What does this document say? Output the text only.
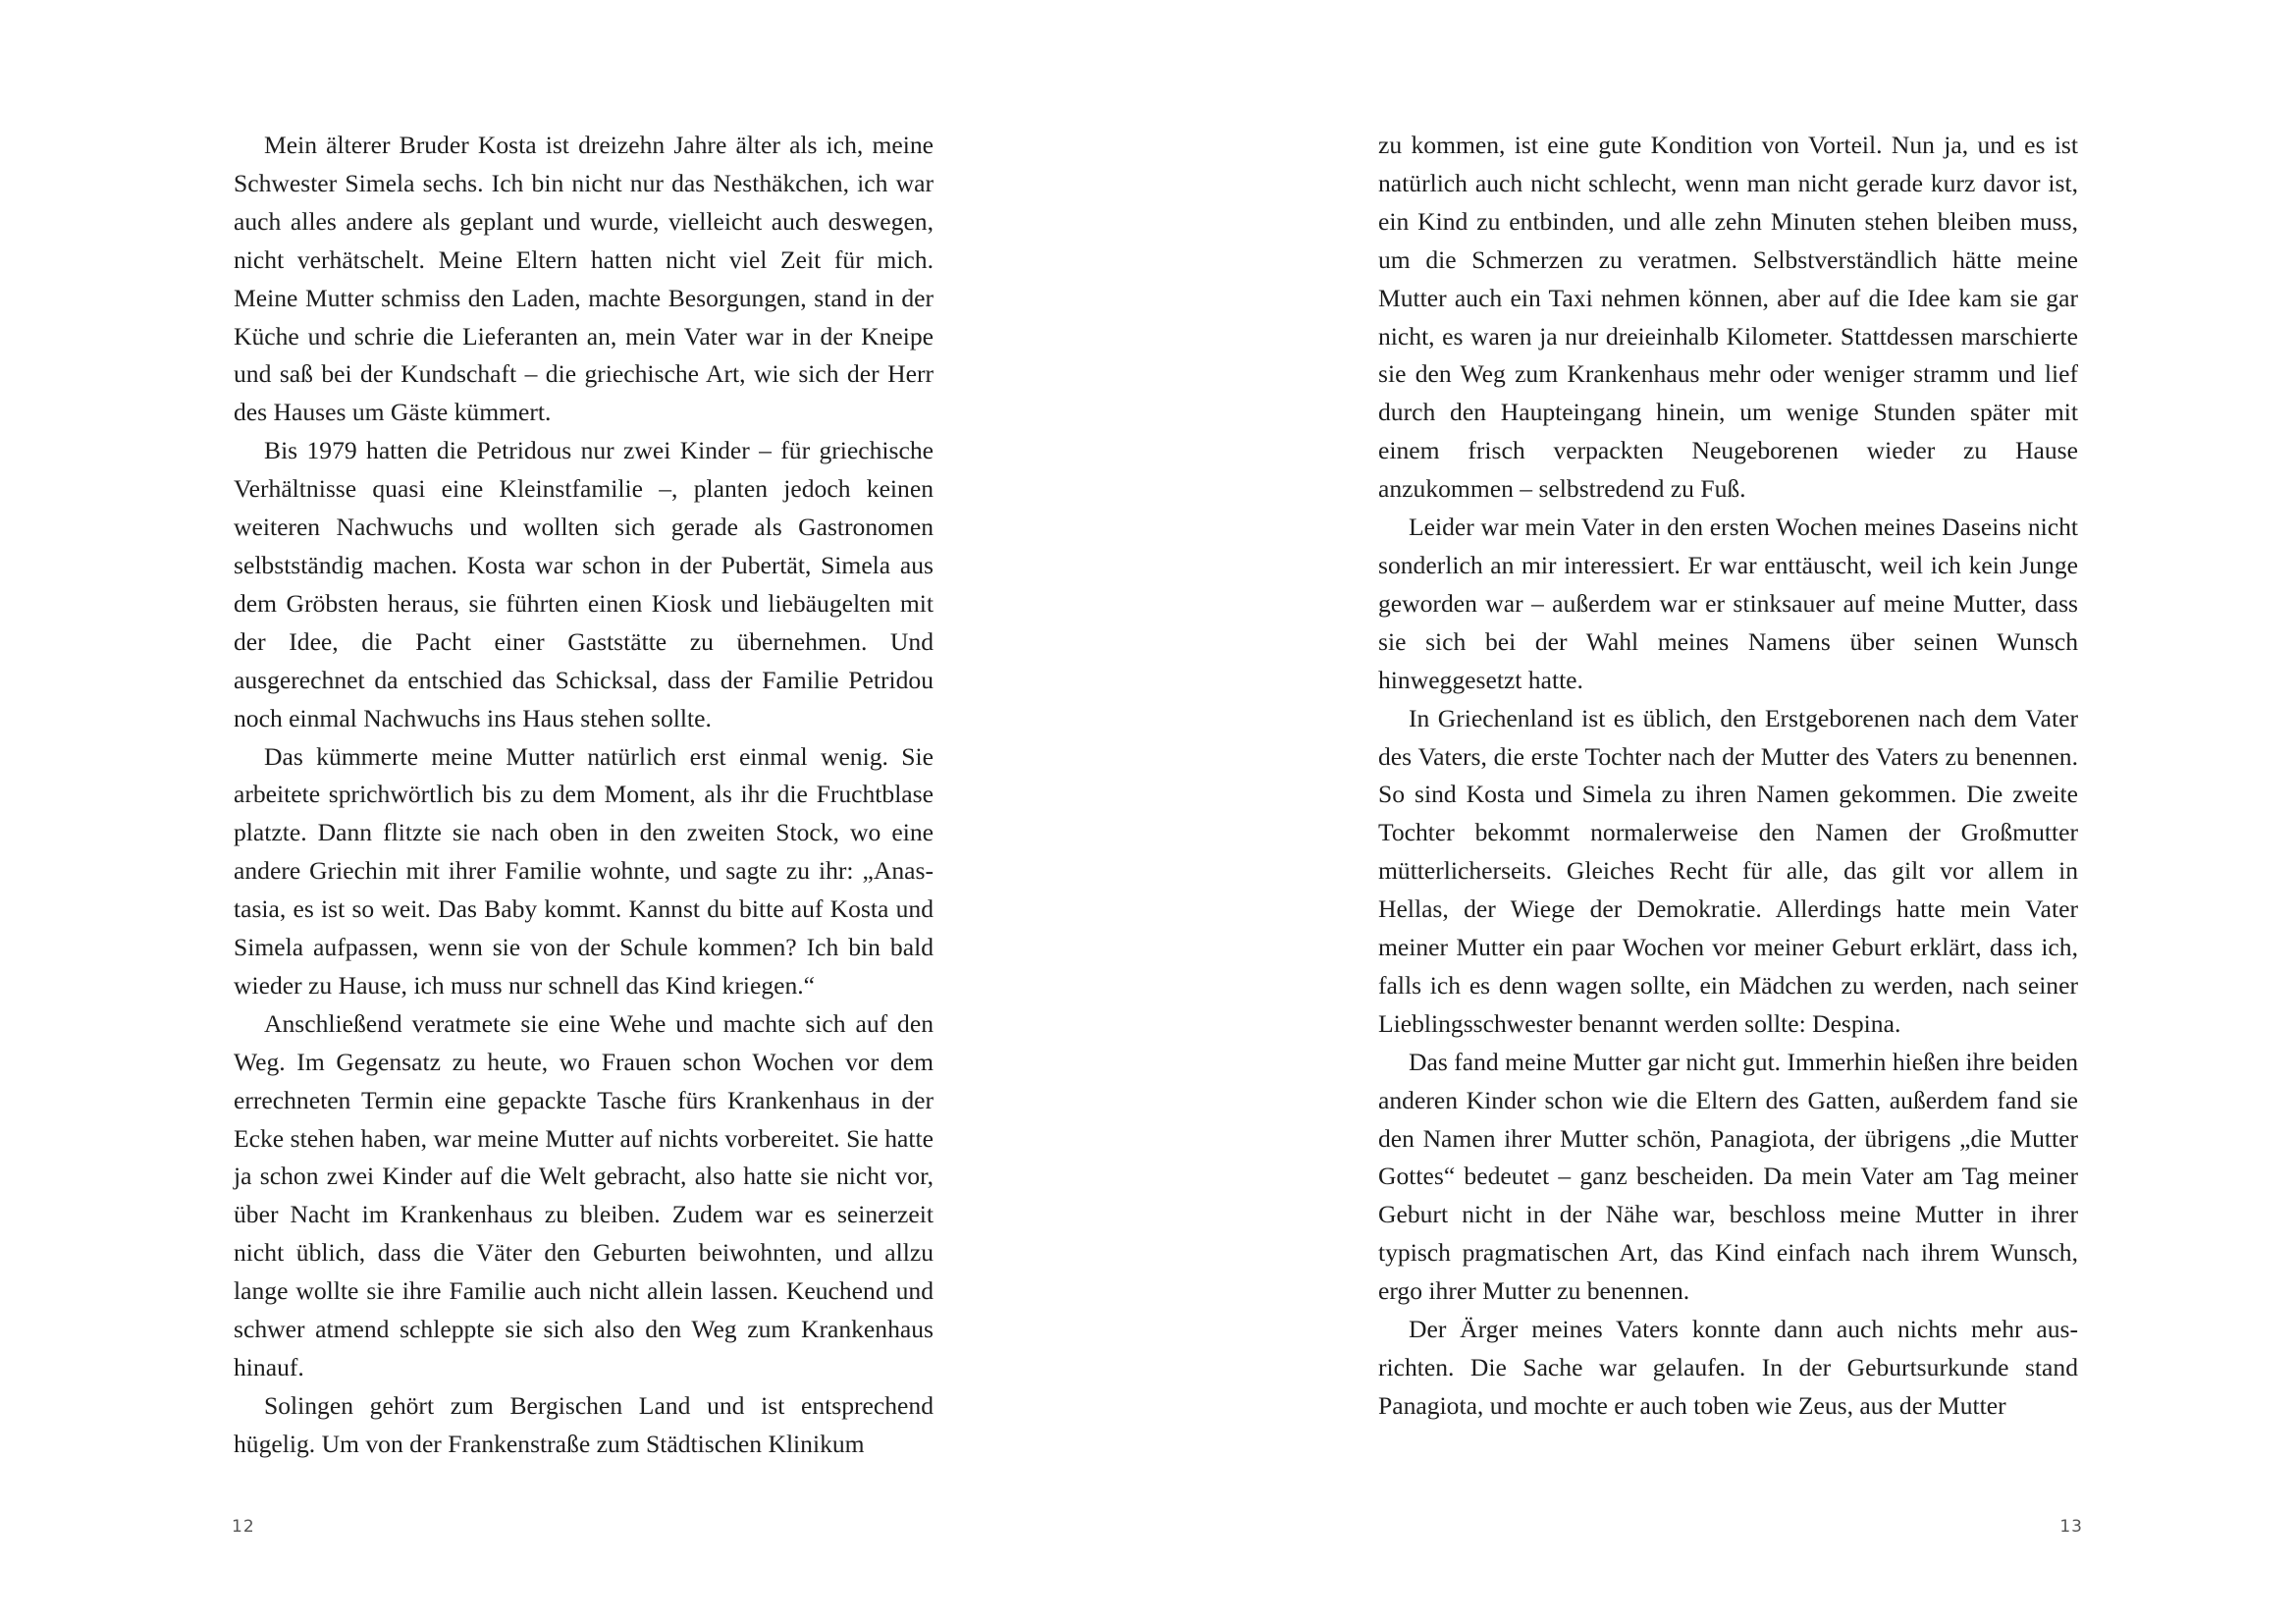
Mein älterer Bruder Kosta ist dreizehn Jahre älter als ich, meine Schwester Simela sechs. Ich bin nicht nur das Nesthäkchen, ich war auch alles andere als geplant und wurde, vielleicht auch deswegen, nicht verhätschelt. Meine Eltern hatten nicht viel Zeit für mich. Meine Mutter schmiss den Laden, machte Besorgungen, stand in der Küche und schrie die Lieferanten an, mein Vater war in der Kneipe und saß bei der Kundschaft – die griechische Art, wie sich der Herr des Hauses um Gäste kümmert.

Bis 1979 hatten die Petridous nur zwei Kinder – für griechische Verhältnisse quasi eine Kleinstfamilie –, planten jedoch keinen weiteren Nachwuchs und wollten sich gerade als Gastronomen selbstständig machen. Kosta war schon in der Pubertät, Simela aus dem Gröbsten heraus, sie führten einen Kiosk und liebäugelten mit der Idee, die Pacht einer Gaststätte zu übernehmen. Und ausgerechnet da entschied das Schicksal, dass der Familie Petridou noch einmal Nachwuchs ins Haus stehen sollte.

Das kümmerte meine Mutter natürlich erst einmal wenig. Sie arbeitete sprichwörtlich bis zu dem Moment, als ihr die Fruchtblase platzte. Dann flitzte sie nach oben in den zweiten Stock, wo eine andere Griechin mit ihrer Familie wohnte, und sagte zu ihr: „Anastasia, es ist so weit. Das Baby kommt. Kannst du bitte auf Kosta und Simela aufpassen, wenn sie von der Schule kommen? Ich bin bald wieder zu Hause, ich muss nur schnell das Kind kriegen.“

Anschließend veratmete sie eine Wehe und machte sich auf den Weg. Im Gegensatz zu heute, wo Frauen schon Wochen vor dem errechneten Termin eine gepackte Tasche fürs Krankenhaus in der Ecke stehen haben, war meine Mutter auf nichts vorbereitet. Sie hatte ja schon zwei Kinder auf die Welt gebracht, also hatte sie nicht vor, über Nacht im Krankenhaus zu bleiben. Zudem war es seinerzeit nicht üblich, dass die Väter den Geburten beiwohnten, und allzu lange wollte sie ihre Familie auch nicht allein lassen. Keuchend und schwer atmend schleppte sie sich also den Weg zum Krankenhaus hinauf.

Solingen gehört zum Bergischen Land und ist entsprechend hügelig. Um von der Frankenstraße zum Städtischen Klinikum

12

zu kommen, ist eine gute Kondition von Vorteil. Nun ja, und es ist natürlich auch nicht schlecht, wenn man nicht gerade kurz davor ist, ein Kind zu entbinden, und alle zehn Minuten stehen bleiben muss, um die Schmerzen zu veratmen. Selbstverständlich hätte meine Mutter auch ein Taxi nehmen können, aber auf die Idee kam sie gar nicht, es waren ja nur dreieinhalb Kilometer. Stattdessen marschierte sie den Weg zum Krankenhaus mehr oder weniger stramm und lief durch den Haupteingang hinein, um wenige Stunden später mit einem frisch verpackten Neugeborenen wieder zu Hause anzukommen – selbstredend zu Fuß.

Leider war mein Vater in den ersten Wochen meines Daseins nicht sonderlich an mir interessiert. Er war enttäuscht, weil ich kein Junge geworden war – außerdem war er stinksauer auf meine Mutter, dass sie sich bei der Wahl meines Namens über seinen Wunsch hinweggesetzt hatte.

In Griechenland ist es üblich, den Erstgeborenen nach dem Vater des Vaters, die erste Tochter nach der Mutter des Vaters zu benennen. So sind Kosta und Simela zu ihren Namen gekommen. Die zweite Tochter bekommt normalerweise den Namen der Großmutter mütterlicherseits. Gleiches Recht für alle, das gilt vor allem in Hellas, der Wiege der Demokratie. Allerdings hatte mein Vater meiner Mutter ein paar Wochen vor meiner Geburt erklärt, dass ich, falls ich es denn wagen sollte, ein Mädchen zu werden, nach seiner Lieblingsschwester benannt werden sollte: Despina.

Das fand meine Mutter gar nicht gut. Immerhin hießen ihre beiden anderen Kinder schon wie die Eltern des Gatten, außerdem fand sie den Namen ihrer Mutter schön, Panagiota, der übrigens „die Mutter Gottes“ bedeutet – ganz bescheiden. Da mein Vater am Tag meiner Geburt nicht in der Nähe war, beschloss meine Mutter in ihrer typisch pragmatischen Art, das Kind einfach nach ihrem Wunsch, ergo ihrer Mutter zu benennen.

Der Ärger meines Vaters konnte dann auch nichts mehr ausrichten. Die Sache war gelaufen. In der Geburtsurkunde stand Panagiota, und mochte er auch toben wie Zeus, aus der Mutter

13
